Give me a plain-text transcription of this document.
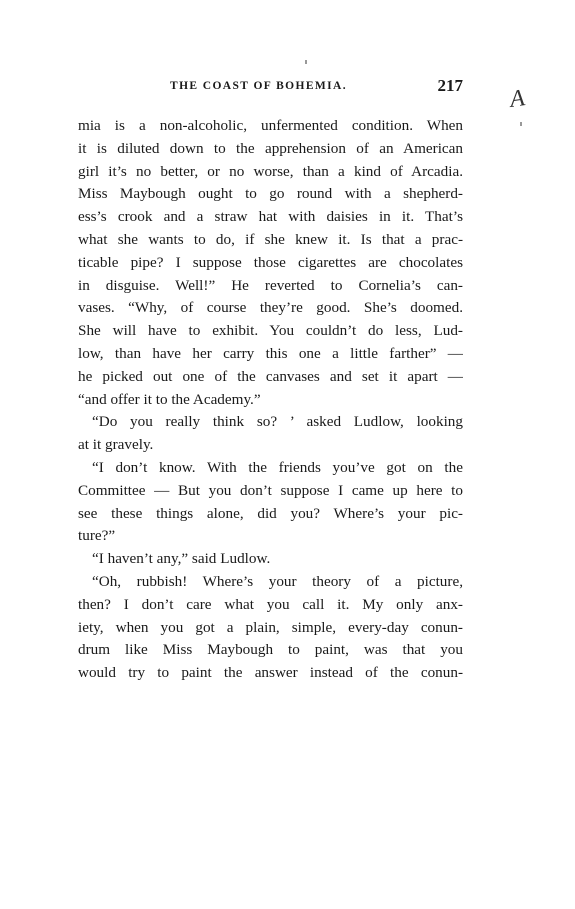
THE COAST OF BOHEMIA.	217 A
mia is a non-alcoholic, unfermented condition. When
it is diluted down to the apprehension of an American
girl it’s no better, or no worse, than a kind of Arcadia.
Miss Maybough ought to go round with a shepherd-
ess’s crook and a straw hat with daisies in it. That’s
what she wants to do, if she knew it. Is that a prac-
ticable pipe? I suppose those cigarettes are chocolates
in disguise. Well!” He reverted to Cornelia’s can-
vases. “Why, of course they’re good. She’s doomed.
She will have to exhibit. You couldn’t do less, Lud-
low, than have her carry this one a little farther” —
he picked out one of the canvases and set it apart —
“and offer it to the Academy.”
“Do you really think so? ’ asked Ludlow, looking
at it gravely.
“I don’t know. With the friends you’ve got on the
Committee — But you don’t suppose I came up here to
see these things alone, did you? Where’s your pic-
ture?”
“I haven’t any,” said Ludlow.
“Oh, rubbish! Where’s your theory of a picture,
then? I don’t care what you call it. My only anx-
iety, when you got a plain, simple, every-day conun-
drum like Miss Maybough to paint, was that you
would try to paint the answer instead of the conun-
